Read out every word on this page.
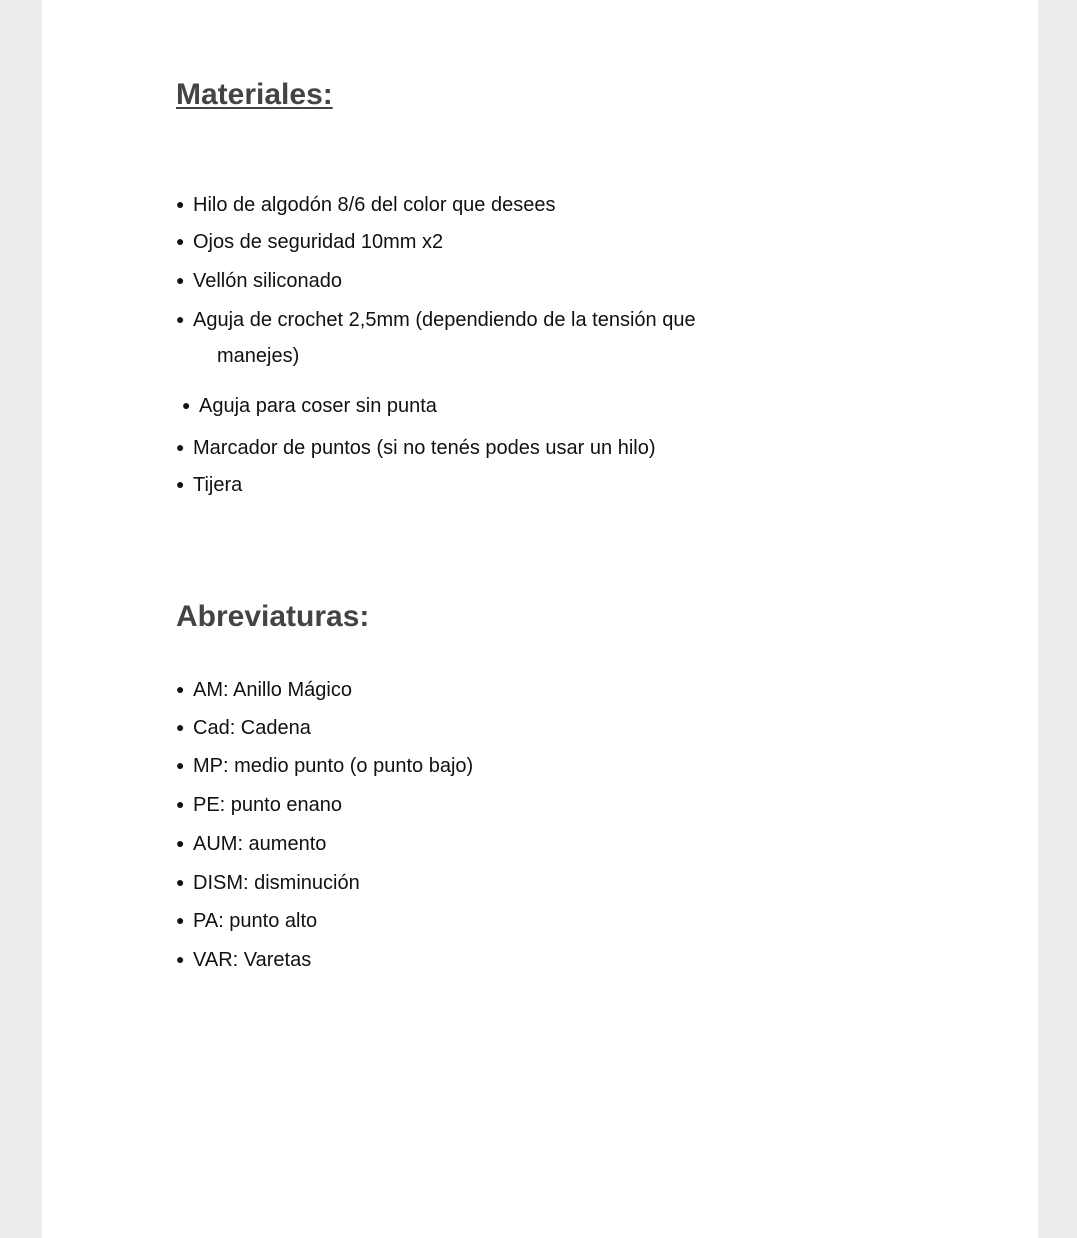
Materiales:
● Hilo de algodón 8/6 del color que desees
● Ojos de seguridad 10mm x2
● Vellón siliconado
● Aguja de crochet 2,5mm (dependiendo de la tensión que
manejes)
● Aguja para coser sin punta
● Marcador de puntos (si no tenés podes usar un hilo)
● Tijera
Abreviaturas:
● AM: Anillo Mágico
● Cad: Cadena
● MP: medio punto (o punto bajo)
● PE: punto enano
● AUM: aumento
● DISM: disminución
● PA: punto alto
● VAR: Varetas
